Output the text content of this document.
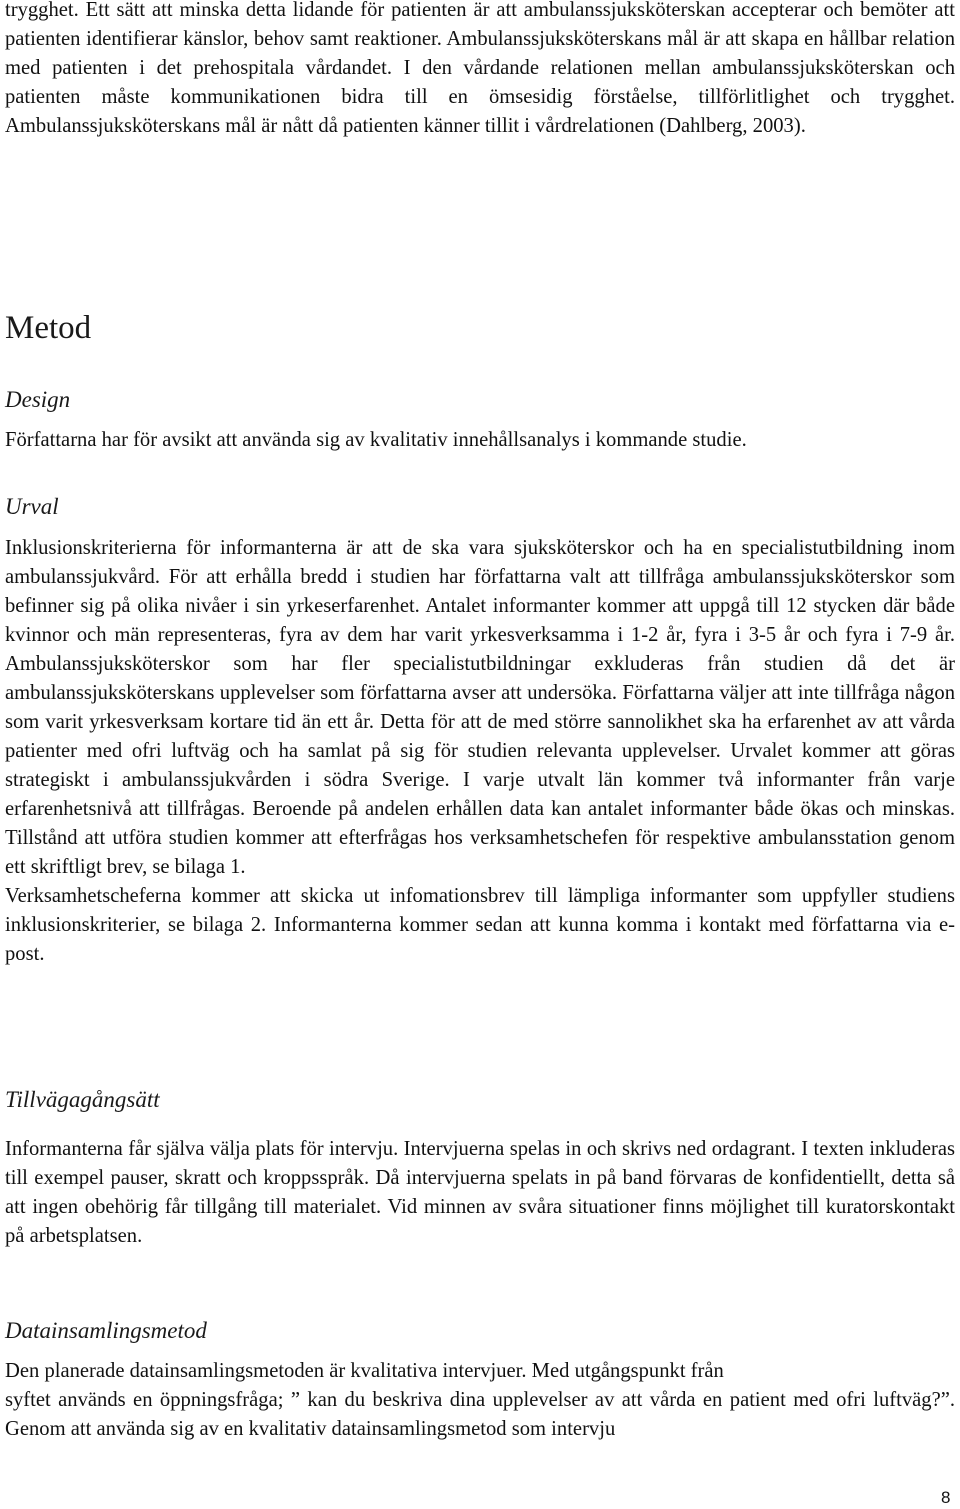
trygghet. Ett sätt att minska detta lidande för patienten är att ambulanssjuksköterskan accepterar och bemöter att patienten identifierar känslor, behov samt reaktioner. Ambulanssjuksköterskans mål är att skapa en hållbar relation med patienten i det prehospitala vårdandet. I den vårdande relationen mellan ambulanssjuksköterskan och patienten måste kommunikationen bidra till en ömsesidig förståelse, tillförlitlighet och trygghet. Ambulanssjuksköterskans mål är nått då patienten känner tillit i vårdrelationen (Dahlberg, 2003).

Metod
Design

Författarna har för avsikt att använda sig av kvalitativ innehållsanalys i kommande studie.

Urval

Inklusionskriterierna för informanterna är att de ska vara sjuksköterskor och ha en specialistutbildning inom ambulanssjukvård. För att erhålla bredd i studien har författarna valt att tillfråga ambulanssjuksköterskor som befinner sig på olika nivåer i sin yrkeserfarenhet. Antalet informanter kommer att uppgå till 12 stycken där både kvinnor och män representeras, fyra av dem har varit yrkesverksamma i 1-2 år, fyra i 3-5 år och fyra i 7-9 år. Ambulanssjuksköterskor som har fler specialistutbildningar exkluderas från studien då det är ambulanssjuksköterskans upplevelser som författarna avser att undersöka. Författarna väljer att inte tillfråga någon som varit yrkesverksam kortare tid än ett år. Detta för att de med större sannolikhet ska ha erfarenhet av att vårda patienter med ofri luftväg och ha samlat på sig för studien relevanta upplevelser. Urvalet kommer att göras strategiskt i ambulanssjukvården i södra Sverige. I varje utvalt län kommer två informanter från varje erfarenhetsnivå att tillfrågas. Beroende på andelen erhållen data kan antalet informanter både ökas och minskas. Tillstånd att utföra studien kommer att efterfrågas hos verksamhetschefen för respektive ambulansstation genom ett skriftligt brev, se bilaga 1.

Verksamhetscheferna kommer att skicka ut infomationsbrev till lämpliga informanter som uppfyller studiens inklusionskriterier, se bilaga 2. Informanterna kommer sedan att kunna komma i kontakt med författarna via e-post.

Tillvägagångsätt

Informanterna får själva välja plats för intervju. Intervjuerna spelas in och skrivs ned ordagrant. I texten inkluderas till exempel pauser, skratt och kroppsspråk. Då intervjuerna spelats in på band förvaras de konfidentiellt, detta så att ingen obehörig får tillgång till materialet. Vid minnen av svåra situationer finns möjlighet till kuratorskontakt på arbetsplatsen.

Datainsamlingsmetod

Den planerade datainsamlingsmetoden är kvalitativa intervjuer. Med utgångspunkt från

syftet används en öppningsfråga; ” kan du beskriva dina upplevelser av att vårda en patient med ofri luftväg?”. Genom att använda sig av en kvalitativ datainsamlingsmetod som intervju

8
